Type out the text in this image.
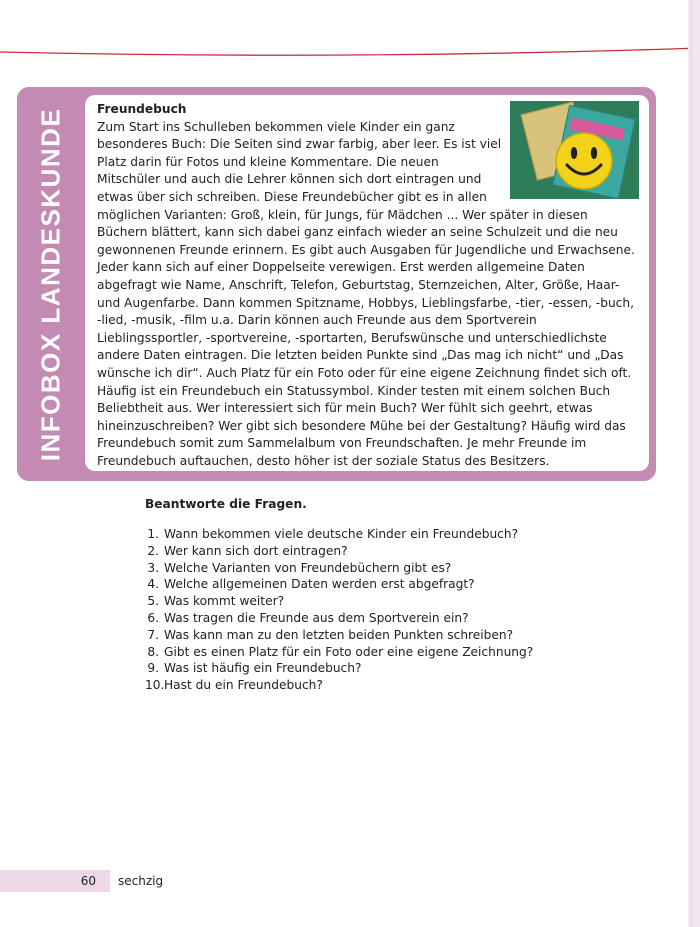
INFOBOX LANDESKUNDE	Freundebuch

Zum Start ins Schulleben bekommen viele Kinder ein ganz besonderes Buch: Die Seiten sind zwar farbig, aber leer. Es ist viel Platz darin für Fotos und kleine Kommentare. Die neuen Mitschüler und auch die Lehrer können sich dort eintragen und etwas über sich schreiben. Diese Freundebücher gibt es in allen möglichen Varianten: Groß, klein, für Jungs, für Mädchen ... Wer später in diesen Büchern blättert, kann sich dabei ganz einfach wieder an seine Schulzeit und die neu gewonnenen Freunde erinnern. Es gibt auch Ausgaben für Jugendliche und Erwachsene.

Jeder kann sich auf einer Doppelseite verewigen. Erst werden allgemeine Daten abgefragt wie Name, Anschrift, Telefon, Geburtstag, Sternzeichen, Alter, Größe, Haar- und Augenfarbe. Dann kommen Spitzname, Hobbys, Lieblingsfarbe, -tier, -essen, -buch, -lied, -musik, -film u.a. Darin können auch Freunde aus dem Sportverein Lieblingssportler, -sportvereine, -sportarten, Berufswünsche und unterschiedlichste andere Daten eintragen. Die letzten beiden Punkte sind „Das mag ich nicht“ und „Das wünsche ich dir“. Auch Platz für ein Foto oder für eine eigene Zeichnung findet sich oft.

Häufig ist ein Freundebuch ein Statussymbol. Kinder testen mit einem solchen Buch Beliebtheit aus. Wer interessiert sich für mein Buch? Wer fühlt sich geehrt, etwas hineinzuschreiben? Wer gibt sich besondere Mühe bei der Gestaltung? Häufig wird das Freundebuch somit zum Sammelalbum von Freundschaften. Je mehr Freunde im Freundebuch auftauchen, desto höher ist der soziale Status des Besitzers.

Beantworte die Fragen.

1. Wann bekommen viele deutsche Kinder ein Freundebuch?
2. Wer kann sich dort eintragen?
3. Welche Varianten von Freundebüchern gibt es?
4. Welche allgemeinen Daten werden erst abgefragt?
5. Was kommt weiter?
6. Was tragen die Freunde aus dem Sportverein ein?
7. Was kann man zu den letzten beiden Punkten schreiben?
8. Gibt es einen Platz für ein Foto oder eine eigene Zeichnung?
9. Was ist häufig ein Freundebuch?
10. Hast du ein Freundebuch?
60 sechzig
